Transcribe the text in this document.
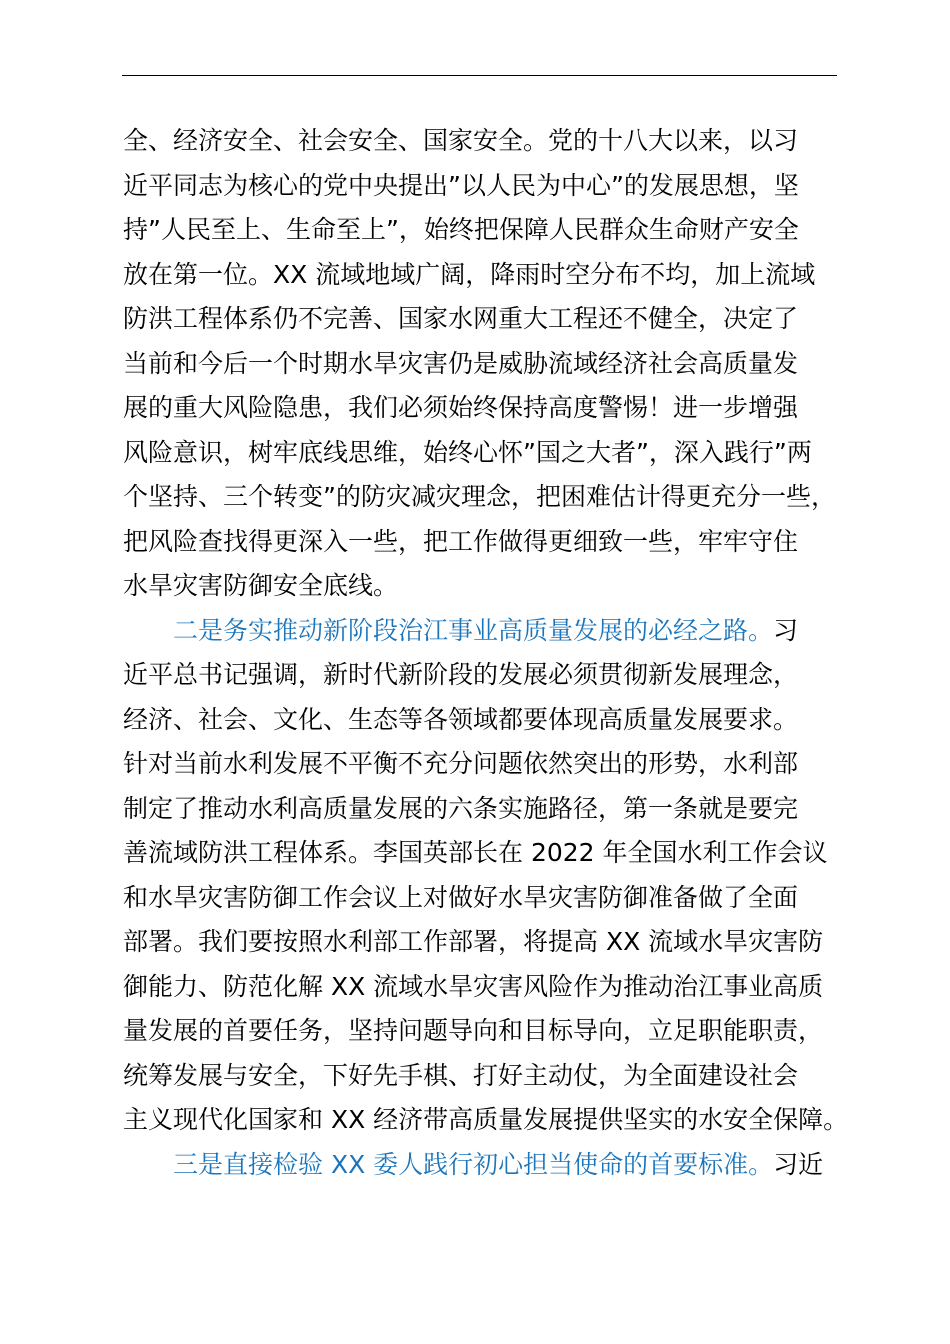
全、经济安全、社会安全、国家安全。党的十八大以来，以习
近平同志为核心的党中央提出”以人民为中心”的发展思想，坚
持”人民至上、生命至上”，始终把保障人民群众生命财产安全
放在第一位。XX 流域地域广阔，降雨时空分布不均，加上流域
防洪工程体系仍不完善、国家水网重大工程还不健全，决定了
当前和今后一个时期水旱灾害仍是威胁流域经济社会高质量发
展的重大风险隐患，我们必须始终保持高度警惕！进一步增强
风险意识，树牢底线思维，始终心怀”国之大者”，深入践行”两
个坚持、三个转变”的防灾减灾理念，把困难估计得更充分一些，
把风险查找得更深入一些，把工作做得更细致一些，牢牢守住
水旱灾害防御安全底线。
二是务实推动新阶段治江事业高质量发展的必经之路。习
近平总书记强调，新时代新阶段的发展必须贯彻新发展理念，
经济、社会、文化、生态等各领域都要体现高质量发展要求。
针对当前水利发展不平衡不充分问题依然突出的形势，水利部
制定了推动水利高质量发展的六条实施路径，第一条就是要完
善流域防洪工程体系。李国英部长在 2022 年全国水利工作会议
和水旱灾害防御工作会议上对做好水旱灾害防御准备做了全面
部署。我们要按照水利部工作部署，将提高 XX 流域水旱灾害防
御能力、防范化解 XX 流域水旱灾害风险作为推动治江事业高质
量发展的首要任务，坚持问题导向和目标导向，立足职能职责，
统筹发展与安全，下好先手棋、打好主动仗，为全面建设社会
主义现代化国家和 XX 经济带高质量发展提供坚实的水安全保障。
三是直接检验 XX 委人践行初心担当使命的首要标准。习近
